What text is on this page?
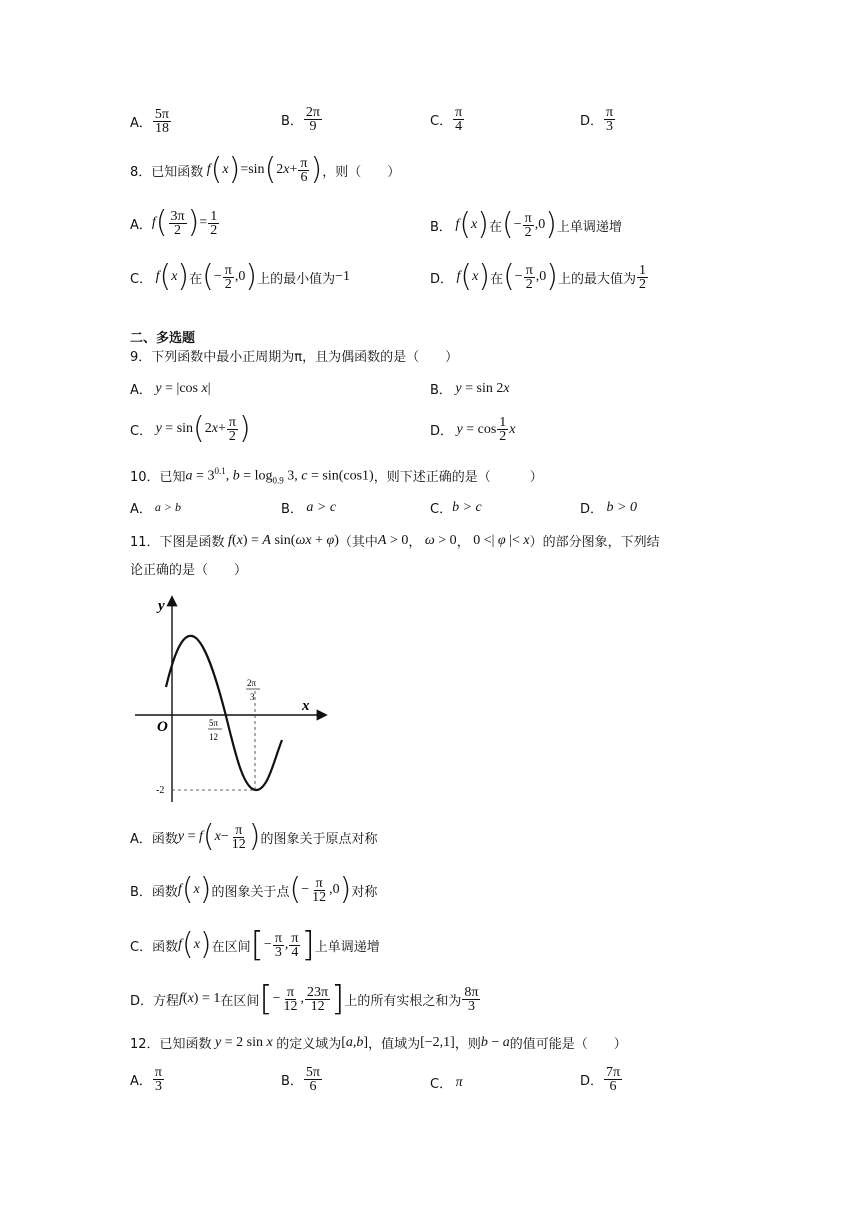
A． $\frac{5\pi}{18}$	B． $\frac{2\pi}{9}$	C． $\frac{\pi}{4}$	D． $\frac{\pi}{3}$
8．已知函数 f ( x ) =sin ( $2x+ \frac{\pi}{6}$ ) ，则（　　）
A． f ( $\frac{3\pi}{2}$ ) = $\frac{1}{2}$	B． f ( x ) 在 ( − $\frac{\pi}{2} ,0$ ) 上单调递增
C． f ( x ) 在 ( − $\frac{\pi}{2} ,0$ ) 上的最小值为 −1	D． f ( x ) 在 ( − $\frac{\pi}{2} ,0$ ) 上的最大值为 $\frac{1}{2}$
二、多选题
9．下列函数中最小正周期为π，且为偶函数的是（　　）
A． y = |cos x|	B． y = sin 2x
C． y = sin ( $2x+ \frac{\pi}{2}$ )	D． $y = \cos \frac{1}{2}$ x
10．已知 $a = 3^{0.1}$, $b = \log_{0.9} 3$, c = sin(cos1) ，则下述正确的是（　　　）
A．
a > b	B．
a > c	C． b > c	D．
b > 0
11．下图是函数 f(x) = A sin(ωx + φ) （其中 A > 0 ， ω > 0 ， 0 <| φ |< x ）的部分图象，下列结
论正确的是（　　）
y
x
O	5π
12
2π
3
-2
A．函数 y = f ( $x - \frac{\pi}{12}$ ) 的图象关于原点对称
B．函数 f ( x ) 的图象关于点 ( − $\frac{\pi}{12} ,0$ ) 对称
C．函数 f ( x ) 在区间 [ − $\frac{\pi}{3}$ , $\frac{\pi}{4}$ ] 上单调递增
D．方程 f(x) = 1 在区间 [ − $\frac{\pi}{12}$ , $\frac{23\pi}{12}$ ] 上的所有实根之和为 $\frac{8\pi}{3}$
12．已知函数 y = 2 sin x 的定义域为 [a,b] ，值域为 [−2,1] ，则 b − a 的值可能是（　　）
A． $\frac{\pi}{3}$	B． $\frac{5\pi}{6}$	C．
π	D． $\frac{7\pi}{6}$
